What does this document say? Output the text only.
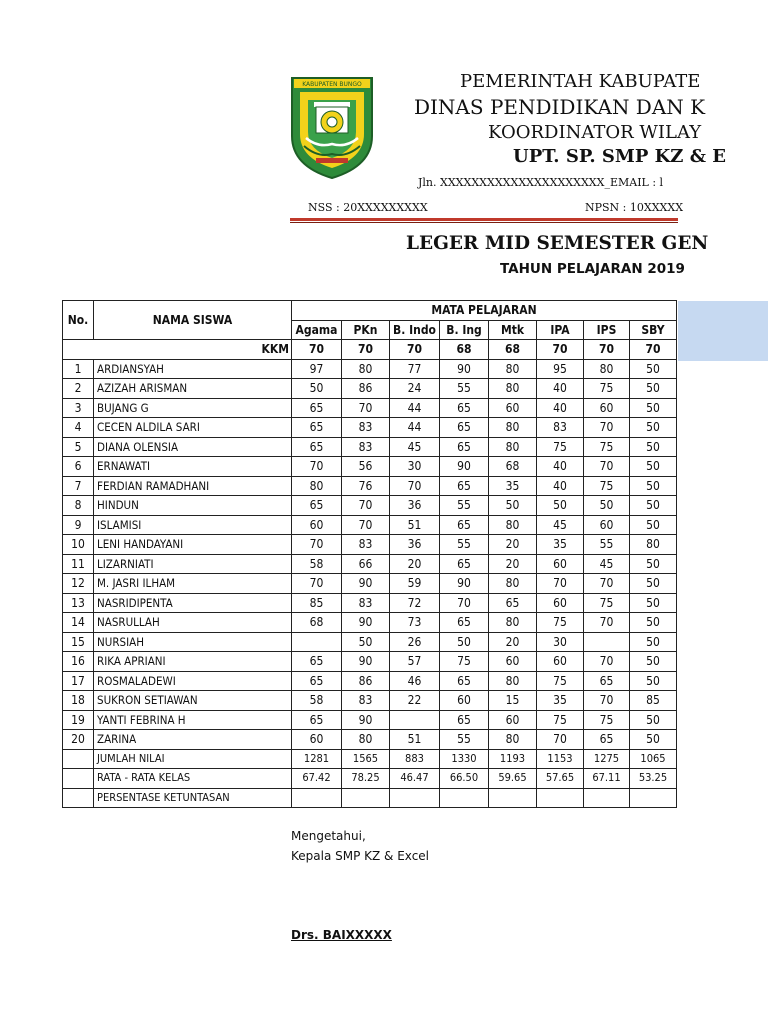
KABUPATEN BUNGO	PEMERINTAH KABUPATE
DINAS PENDIDIKAN DAN K
KOORDINATOR WILAY
UPT. SP. SMP KZ & E
Jln. XXXXXXXXXXXXXXXXXXXXX_EMAIL : l
NSS : 20XXXXXXXXX	NPSN : 10XXXXX
LEGER MID SEMESTER GEN
TAHUN PELAJARAN 2019
No.	NAMA SISWA	MATA PELAJARAN							
		Agama	PKn	B. Indo	B. Ing	Mtk	IPA	IPS	SBY
KKM		70	70	70	68	68	70	70	70
1	ARDIANSYAH	97	80	77	90	80	95	80	50
2	AZIZAH ARISMAN	50	86	24	55	80	40	75	50
3	BUJANG G	65	70	44	65	60	40	60	50
4	CECEN ALDILA SARI	65	83	44	65	80	83	70	50
5	DIANA OLENSIA	65	83	45	65	80	75	75	50
6	ERNAWATI	70	56	30	90	68	40	70	50
7	FERDIAN RAMADHANI	80	76	70	65	35	40	75	50
8	HINDUN	65	70	36	55	50	50	50	50
9	ISLAMISI	60	70	51	65	80	45	60	50
10	LENI HANDAYANI	70	83	36	55	20	35	55	80
11	LIZARNIATI	58	66	20	65	20	60	45	50
12	M. JASRI ILHAM	70	90	59	90	80	70	70	50
13	NASRIDIPENTA	85	83	72	70	65	60	75	50
14	NASRULLAH	68	90	73	65	80	75	70	50
15	NURSIAH		50	26	50	20	30		50
16	RIKA APRIANI	65	90	57	75	60	60	70	50
17	ROSMALADEWI	65	86	46	65	80	75	65	50
18	SUKRON SETIAWAN	58	83	22	60	15	35	70	85
19	YANTI FEBRINA H	65	90		65	60	75	75	50
20	ZARINA	60	80	51	55	80	70	65	50
	JUMLAH NILAI	1281	1565	883	1330	1193	1153	1275	1065
	RATA - RATA KELAS	67.42	78.25	46.47	66.50	59.65	57.65	67.11	53.25
	PERSENTASE KETUNTASAN								
Mengetahui,
Kepala SMP KZ & Excel
Drs. BAIXXXXX
